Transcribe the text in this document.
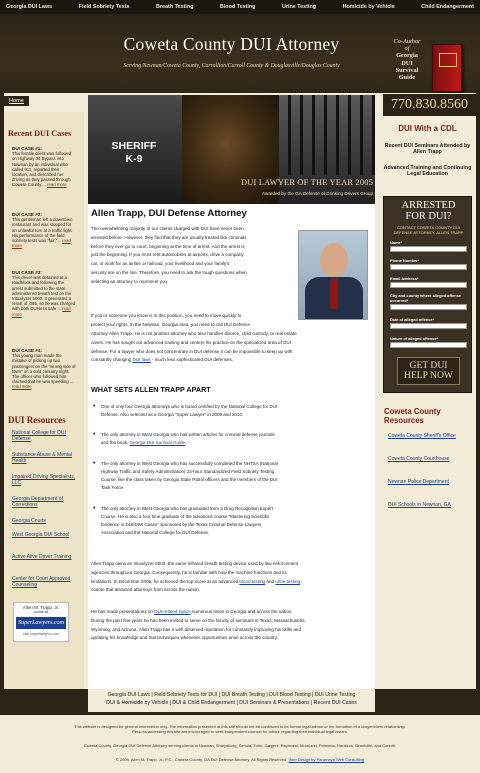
Georgia DUI Laws	Field Sobriety Tests	Breath Testing	Blood Testing	Urine Testing	Homicide by Vehicle	Child Endangerment
Coweta County DUI Attorney
Serving Newnan/Coweta County, Carrollton/Carroll County & Douglasville/Douglas County
Co-Author
of
Georgia
DUI
Survival
Guide
Home	770.830.8560
Recent DUI Cases
DUI CASE #1:
This female client was followed on Highway 34 Bypass into Newnan by an individual who called 911, reported their location, and described her driving as they passed through Coweta County.... read more
DUI CASE #2:
This gentleman left a downtown restaurant and was stopped for an unlawful turn at a traffic light. His performance of the field sobriety tests was "fair,"... read more
DUI CASE #3:
This driver was detained at a roadblock and following the arrest submitted to the state administered breath test on the Intoxilyzer 5000. It generated a result of .085, so he was charged with both DUI-less safe ... read more
DUI CASE #4:
This young man made the mistake of picking up two passengers on the "wrong side of town" on a cold January night. The officer who followed him claimed that he was speeding ... read more
DUI Resources
National College for DUI Defense
Substance Abuse & Mental Health
Impaired Driving Specialists, LLC
Georgia Department of Corrections
Georgia Courts
West Georgia DUI School
Active Alive Driver Training
Center for Court Approved Counseling
Allen M. Trapp, Jr.
online at
SuperLawyers.com
visit superlawyers.com
SHERIFF
K-9
DUI LAWYER OF THE YEAR 2005
Awarded by the GA Defense of Drinking Drivers Group
Allen Trapp, DUI Defense Attorney
The overwhelming majority of our clients charged with DUI have never been
arrested before. However, they find that they are usually treated like criminals
before they ever go to court, beginning at the time of arrest. And the arrest is
just the beginning. If you must rent automobiles at airports, drive a company
car, or work for an airline or railroad, your livelihood and your family's
security are on the line. Therefore, you need to ask the tough questions when
selecting an attorney to represent you.
If you or someone you know is in this position, you need to move quickly to
protect your rights. In the Newnan, Georgia area, you need to call DUI Defense
Attorney Allen Trapp. He is not another attorney who also handles divorce, child custody, or real estate
cases. He has sought out advanced training and centers his practice on the specialized area of DUI
defense. For a lawyer who does not concentrate in DUI defense it can be impossible to keep up with
constantly changing DUI laws - much less sophisticated DUI defenses.
WHAT SETS ALLEN TRAPP APART
• One of only four Georgia attorneys who is board certified by the National College for DUI
Defense. Also selected as a Georgia "Super Lawyer" in 2009 and 2010.
• The only attorney in West Georgia who has written articles for criminal defense journals
and the book, Georgia DUI Survival Guide
• The only attorney in West Georgia who has successfully completed the NHTSA (National
Highway Traffic and Safety Administration) 24-hour Standardized Field Sobriety Testing
Course, like the class taken by Georgia State Patrol officers and the members of the DUI
Task Force.
• The only attorney in West Georgia who has graduated from a Drug Recognition Expert
Course. He is also a four time graduate of the advanced course "Mastering Scientific
Evidence in DUI/DWI Cases" sponsored by the Texas Criminal Defense Lawyers
Association and the National College for DUI Defense.
Allen Trapp owns an Intoxilyzer 5000, the same infrared breath testing device used by law enforcement
agencies throughout Georgia. Consequently, he is familiar with how the machine functions and its
limitations. In December 2008, he achieved the top score at an advanced blood testing and urine testing
course that attracted attorneys from across the nation.
He has made presentations on DUI-related topics numerous times in Georgia and across the nation.
During the past few years he has been invited to serve on the faculty of seminars in Texas, Massachusetts,
Wyoming, and Arizona. Allen Trapp has a well deserved reputation for constantly improving his skills and
updating his knowledge and trial techniques whenever opportunities arise across the country.
DUI With a CDL
Recent DUI Seminars Attended by Allen Trapp
Advanced Training and Continuing Legal Education
ARRESTED
FOR DUI?
CONTACT COWETA COUNTY DUI
DEFENSE ATTORNEY, ALLEN TRAPP
Name*
Phone Number*
Email Address*
City and county where alleged offense occurred*
Date of alleged offense*
Nature of alleged offense*
GET DUI
HELP NOW
Coweta County Resources
Coweta County Sheriff's Office
Coweta County Courthouse
Newnan Police Department
DUI Schools in Newnan, GA
Georgia DUI Laws | Field Sobriety Tests for DUI | DUI Breath Testing | DUI Blood Testing | DUI Urine Testing
DUI & Homicide by Vehicle | DUI & Child Endangerment | DUI Seminars & Presentations | Recent DUI Cases
This website is designed for general information only. The information presented at this site should not be construed to be formal legal advice or the formation of a lawyer/client relationship.
Persons accessing this site are encouraged to seek independent counsel for advice regarding their individual legal issues.
Coweta County, Georgia DUI Defense Attorney serving clients in Newnan, Sharpsburg, Senoia, Turin, Sargent, Raymond, Moreland, Palmetto, Haralson, Grantville, and Corinth.
© 2009, Allen M. Trapp, Jr., P.C., Coweta County, GA DUI Defense Attorney. All Rights Reserved. Web Design by Paramaya Web Consulting
